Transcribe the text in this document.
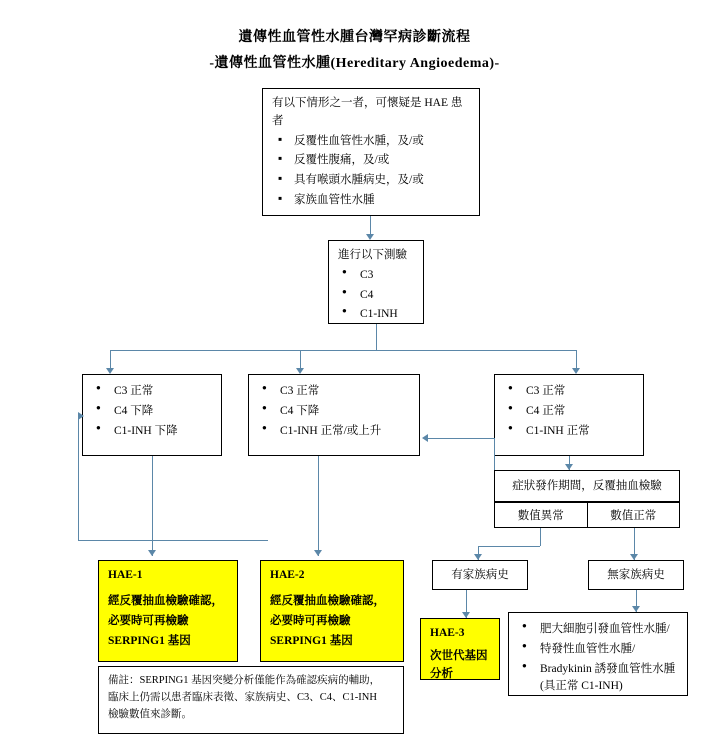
遺傳性血管性水腫台灣罕病診斷流程
-遺傳性血管性水腫(Hereditary Angioedema)-
有以下情形之一者，可懷疑是 HAE 患者
▪ 反覆性血管性水腫，及/或
▪ 反覆性腹痛，及/或
▪ 具有喉頭水腫病史，及/或
▪ 家族血管性水腫
進行以下測驗
● C3
● C4
● C1-INH
● C3 正常
● C4 下降
● C1-INH 下降
● C3 正常
● C4 下降
● C1-INH 正常/或上升
● C3 正常
● C4 正常
● C1-INH 正常
症狀發作期間，反覆抽血檢驗
數值異常	數值正常
有家族病史	無家族病史
HAE-1
經反覆抽血檢驗確認，必要時可再檢驗 SERPING1 基因
HAE-2
經反覆抽血檢驗確認，必要時可再檢驗 SERPING1 基因
HAE-3
次世代基因分析
● 肥大細胞引發血管性水腫/
● 特發性血管性水腫/
● Bradykinin 誘發血管性水腫(具正常 C1-INH)
備註：SERPING1 基因突變分析僅能作為確認疾病的輔助，
臨床上仍需以患者臨床表徵、家族病史、C3、C4、C1-INH
檢驗數值來診斷。
